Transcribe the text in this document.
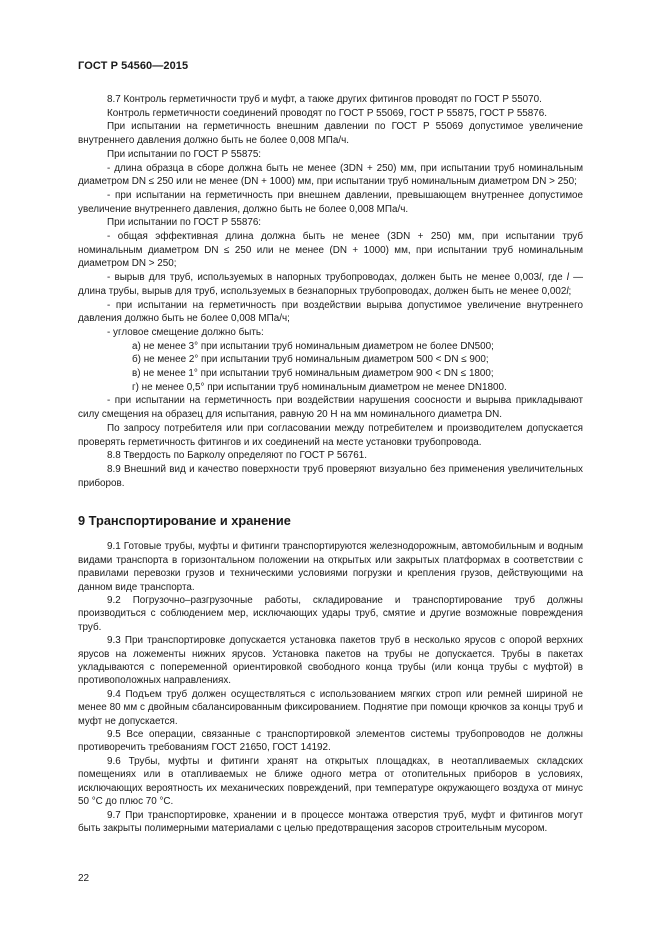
ГОСТ Р 54560—2015

8.7 Контроль герметичности труб и муфт, а также других фитингов проводят по ГОСТ Р 55070.

Контроль герметичности соединений проводят по ГОСТ Р 55069, ГОСТ Р 55875, ГОСТ Р 55876.

При испытании на герметичность внешним давлении по ГОСТ Р 55069 допустимое увеличение внутреннего давления должно быть не более 0,008 МПа/ч.

При испытании по ГОСТ Р 55875:

- длина образца в сборе должна быть не менее (3DN + 250) мм, при испытании труб номинальным диаметром DN ≤ 250 или не менее (DN + 1000) мм, при испытании труб номинальным диаметром DN > 250;

- при испытании на герметичность при внешнем давлении, превышающем внутреннее допустимое увеличение внутреннего давления, должно быть не более 0,008 МПа/ч.

При испытании по ГОСТ Р 55876:

- общая эффективная длина должна быть не менее (3DN + 250) мм, при испытании труб номинальным диаметром DN ≤ 250 или не менее (DN + 1000) мм, при испытании труб номинальным диаметром DN > 250;

- вырыв для труб, используемых в напорных трубопроводах, должен быть не менее 0,003l, где l — длина трубы, вырыв для труб, используемых в безнапорных трубопроводах, должен быть не менее 0,002l;

- при испытании на герметичность при воздействии вырыва допустимое увеличение внутреннего давления должно быть не более 0,008 МПа/ч;

- угловое смещение должно быть:

а) не менее 3° при испытании труб номинальным диаметром не более DN500;

б) не менее 2° при испытании труб номинальным диаметром 500 < DN ≤ 900;

в) не менее 1° при испытании труб номинальным диаметром 900 < DN ≤ 1800;

г) не менее 0,5° при испытании труб номинальным диаметром не менее DN1800.

- при испытании на герметичность при воздействии нарушения соосности и вырыва прикладывают силу смещения на образец для испытания, равную 20 Н на мм номинального диаметра DN.

По запросу потребителя или при согласовании между потребителем и производителем допускается проверять герметичность фитингов и их соединений на месте установки трубопровода.

8.8 Твердость по Барколу определяют по ГОСТ Р 56761.

8.9 Внешний вид и качество поверхности труб проверяют визуально без применения увеличительных приборов.

9 Транспортирование и хранение

9.1 Готовые трубы, муфты и фитинги транспортируются железнодорожным, автомобильным и водным видами транспорта в горизонтальном положении на открытых или закрытых платформах в соответствии с правилами перевозки грузов и техническими условиями погрузки и крепления грузов, действующими на данном виде транспорта.

9.2 Погрузочно–разгрузочные работы, складирование и транспортирование труб должны производиться с соблюдением мер, исключающих удары труб, смятие и другие возможные повреждения труб.

9.3 При транспортировке допускается установка пакетов труб в несколько ярусов с опорой верхних ярусов на ложементы нижних ярусов. Установка пакетов на трубы не допускается. Трубы в пакетах укладываются с попеременной ориентировкой свободного конца трубы (или конца трубы с муфтой) в противоположных направлениях.

9.4 Подъем труб должен осуществляться с использованием мягких строп или ремней шириной не менее 80 мм с двойным сбалансированным фиксированием. Поднятие при помощи крючков за концы труб и муфт не допускается.

9.5 Все операции, связанные с транспортировкой элементов системы трубопроводов не должны противоречить требованиям ГОСТ 21650, ГОСТ 14192.

9.6 Трубы, муфты и фитинги хранят на открытых площадках, в неотапливаемых складских помещениях или в отапливаемых не ближе одного метра от отопительных приборов в условиях, исключающих вероятность их механических повреждений, при температуре окружающего воздуха от минус 50 °С до плюс 70 °С.

9.7 При транспортировке, хранении и в процессе монтажа отверстия труб, муфт и фитингов могут быть закрыты полимерными материалами с целью предотвращения засоров строительным мусором.

22
